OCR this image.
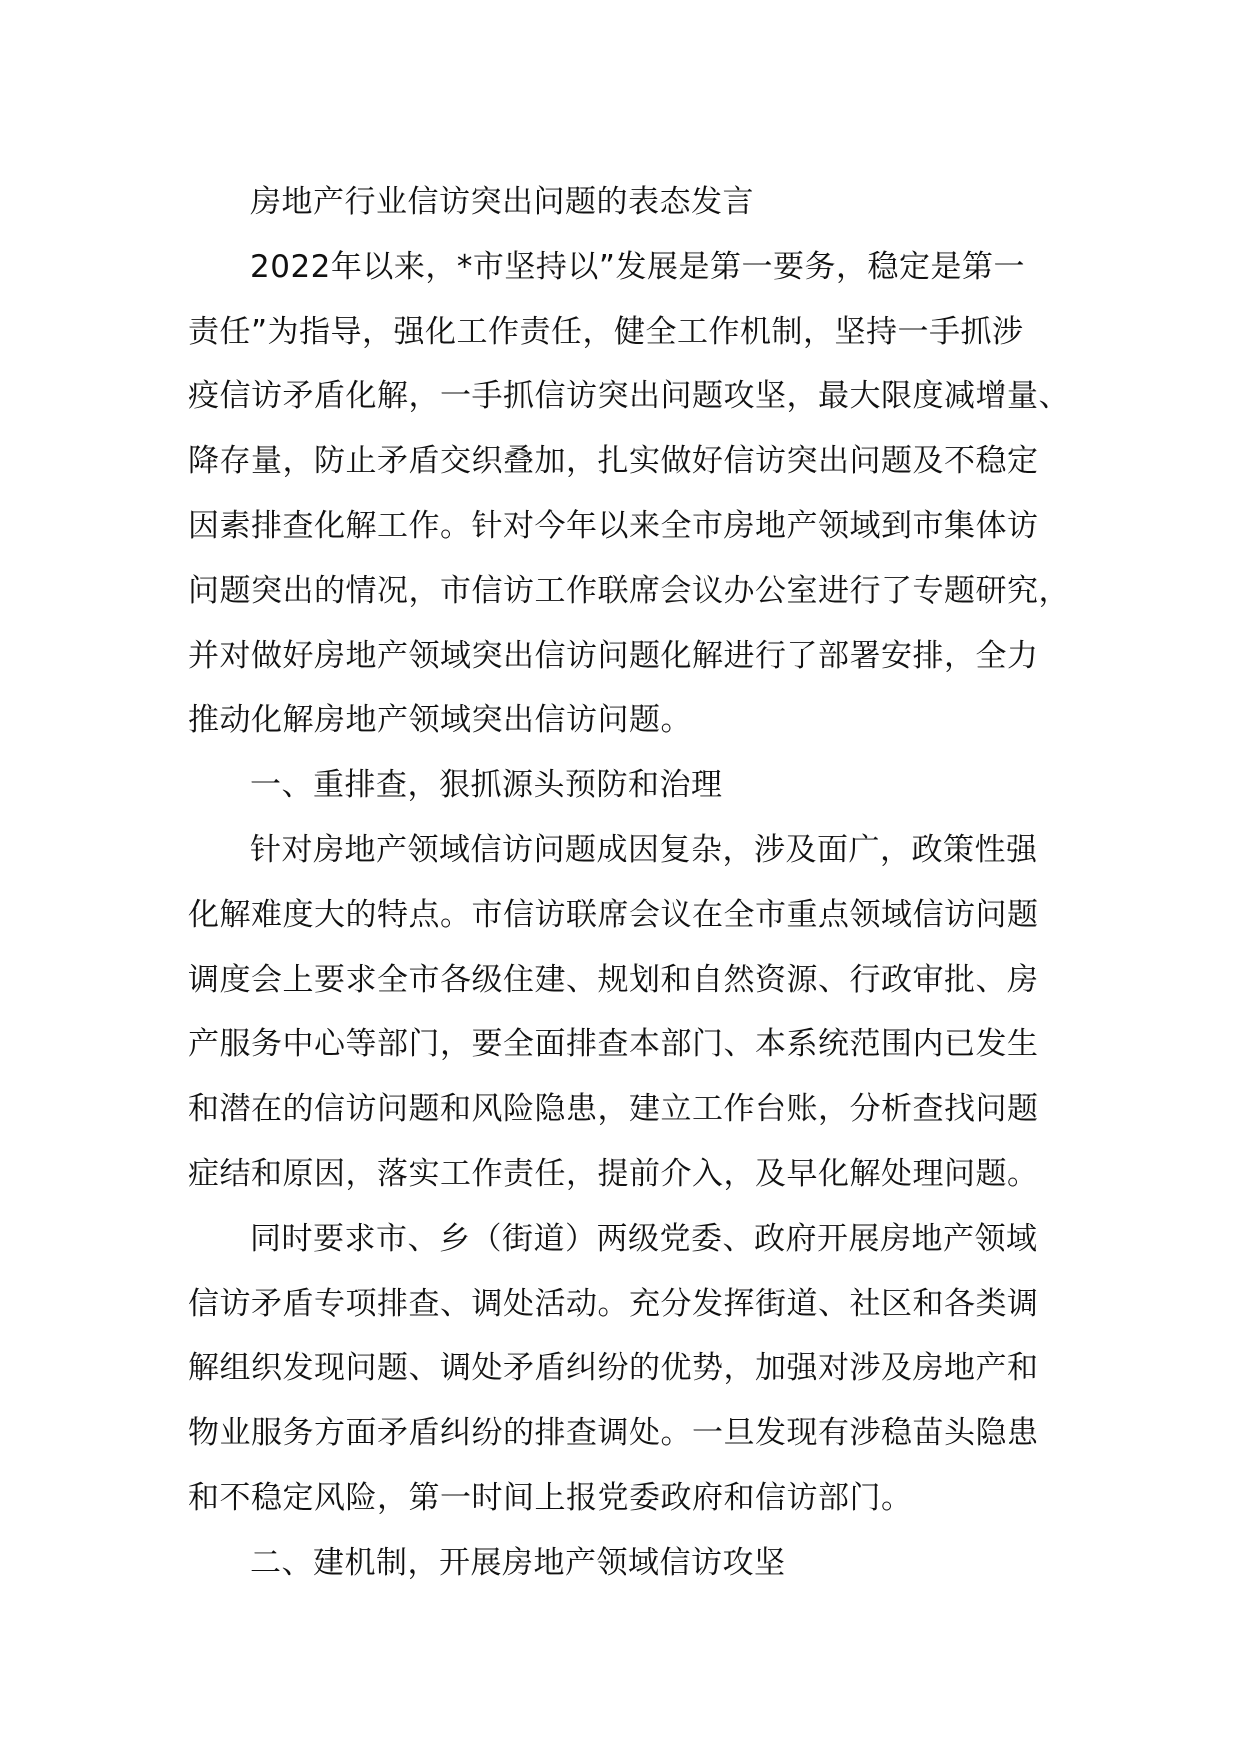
房地产行业信访突出问题的表态发言
2022年以来，*市坚持以”发展是第一要务，稳定是第一
责任”为指导，强化工作责任，健全工作机制，坚持一手抓涉
疫信访矛盾化解，一手抓信访突出问题攻坚，最大限度减增量、
降存量，防止矛盾交织叠加，扎实做好信访突出问题及不稳定
因素排查化解工作。针对今年以来全市房地产领域到市集体访
问题突出的情况，市信访工作联席会议办公室进行了专题研究，
并对做好房地产领域突出信访问题化解进行了部署安排，全力
推动化解房地产领域突出信访问题。
一、重排查，狠抓源头预防和治理
针对房地产领域信访问题成因复杂，涉及面广，政策性强
化解难度大的特点。市信访联席会议在全市重点领域信访问题
调度会上要求全市各级住建、规划和自然资源、行政审批、房
产服务中心等部门，要全面排查本部门、本系统范围内已发生
和潜在的信访问题和风险隐患，建立工作台账，分析查找问题
症结和原因，落实工作责任，提前介入，及早化解处理问题。
同时要求市、乡（街道）两级党委、政府开展房地产领域
信访矛盾专项排查、调处活动。充分发挥街道、社区和各类调
解组织发现问题、调处矛盾纠纷的优势，加强对涉及房地产和
物业服务方面矛盾纠纷的排查调处。一旦发现有涉稳苗头隐患
和不稳定风险，第一时间上报党委政府和信访部门。
二、建机制，开展房地产领域信访攻坚
